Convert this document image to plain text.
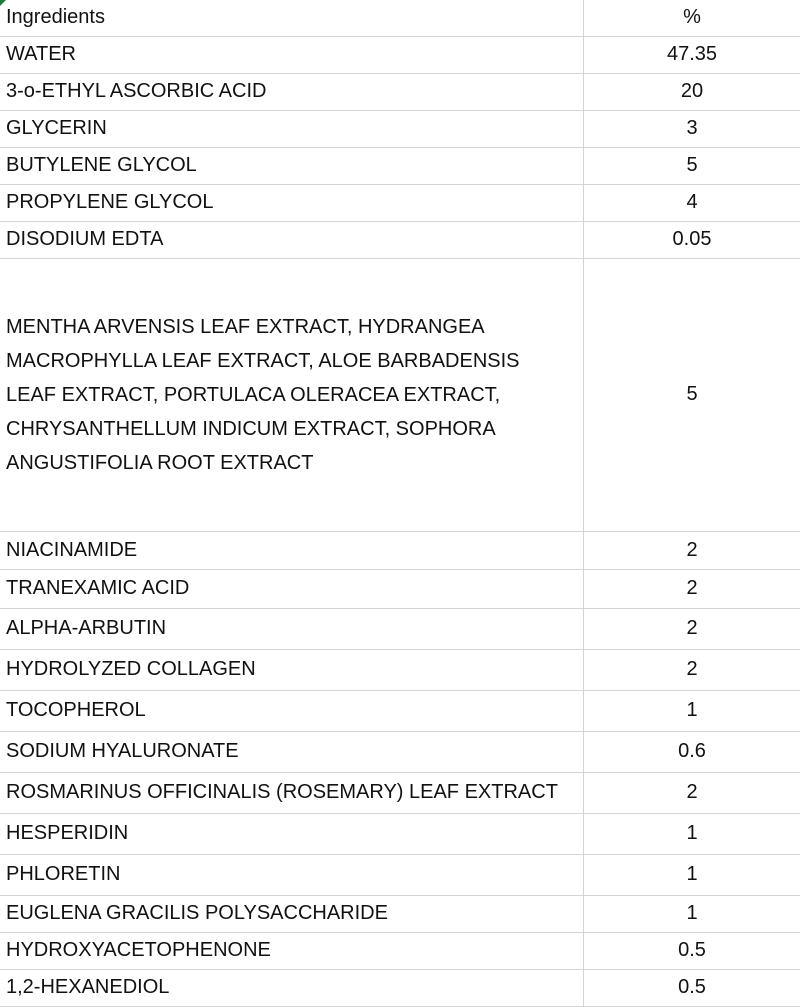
Ingredients	%
WATER	47.35
3-o-ETHYL ASCORBIC ACID	20
GLYCERIN	3
BUTYLENE GLYCOL	5
PROPYLENE GLYCOL	4
DISODIUM EDTA	0.05
MENTHA ARVENSIS LEAF EXTRACT, HYDRANGEA MACROPHYLLA LEAF EXTRACT, ALOE BARBADENSIS LEAF EXTRACT, PORTULACA OLERACEA EXTRACT, CHRYSANTHELLUM INDICUM EXTRACT, SOPHORA ANGUSTIFOLIA ROOT EXTRACT	5
NIACINAMIDE	2
TRANEXAMIC ACID	2
ALPHA-ARBUTIN	2
HYDROLYZED COLLAGEN	2
TOCOPHEROL	1
SODIUM HYALURONATE	0.6
ROSMARINUS OFFICINALIS (ROSEMARY) LEAF EXTRACT	2
HESPERIDIN	1
PHLORETIN	1
EUGLENA GRACILIS POLYSACCHARIDE	1
HYDROXYACETOPHENONE	0.5
1,2-HEXANEDIOL	0.5
